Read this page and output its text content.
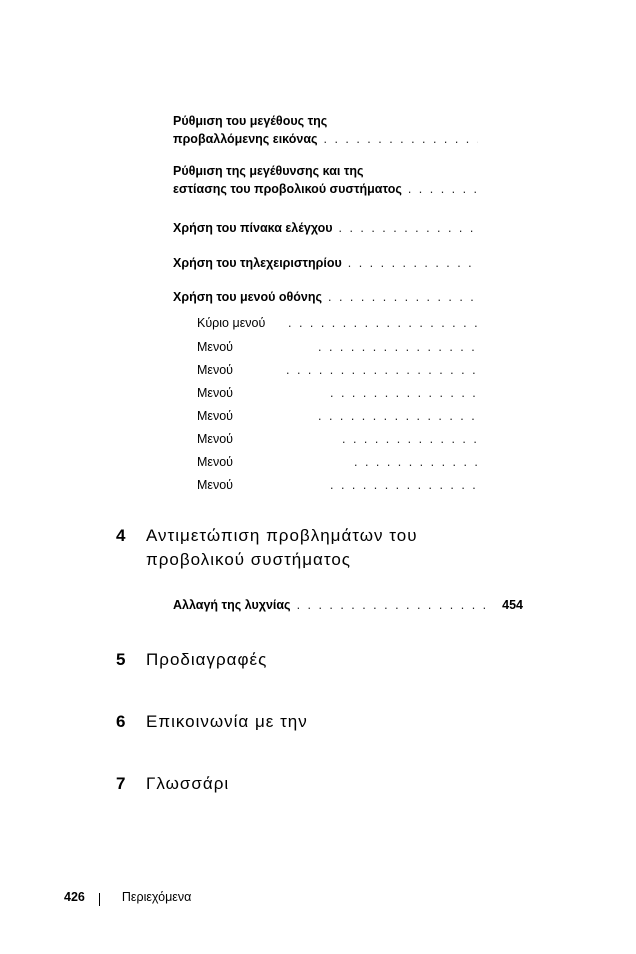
Ρύθμιση του μεγέθους της
προβαλλόμενης εικόνας
. . .
Ρύθμιση της μεγέθυνσης και της
εστίασης του προβολικού συστήματος
. . .
Χρήση του πίνακα ελέγχου
. . .
Χρήση του τηλεχειριστηρίου
. . .
Χρήση του μενού οθόνης
. . .
Κύριο μενού
. . .
Μενού
. . .
Μενού
. . .
Μενού
. . .
Μενού
. . .
Μενού
. . .
Μενού
. . .
Μενού
. . .
4 Αντιμετώπιση προβλημάτων του
προβολικού συστήματος
Αλλαγή της λυχνίας
. . .	454
5 Προδιαγραφές
6 Επικοινωνία με την
7 Γλωσσάρι
426	Περιεχόμενα
